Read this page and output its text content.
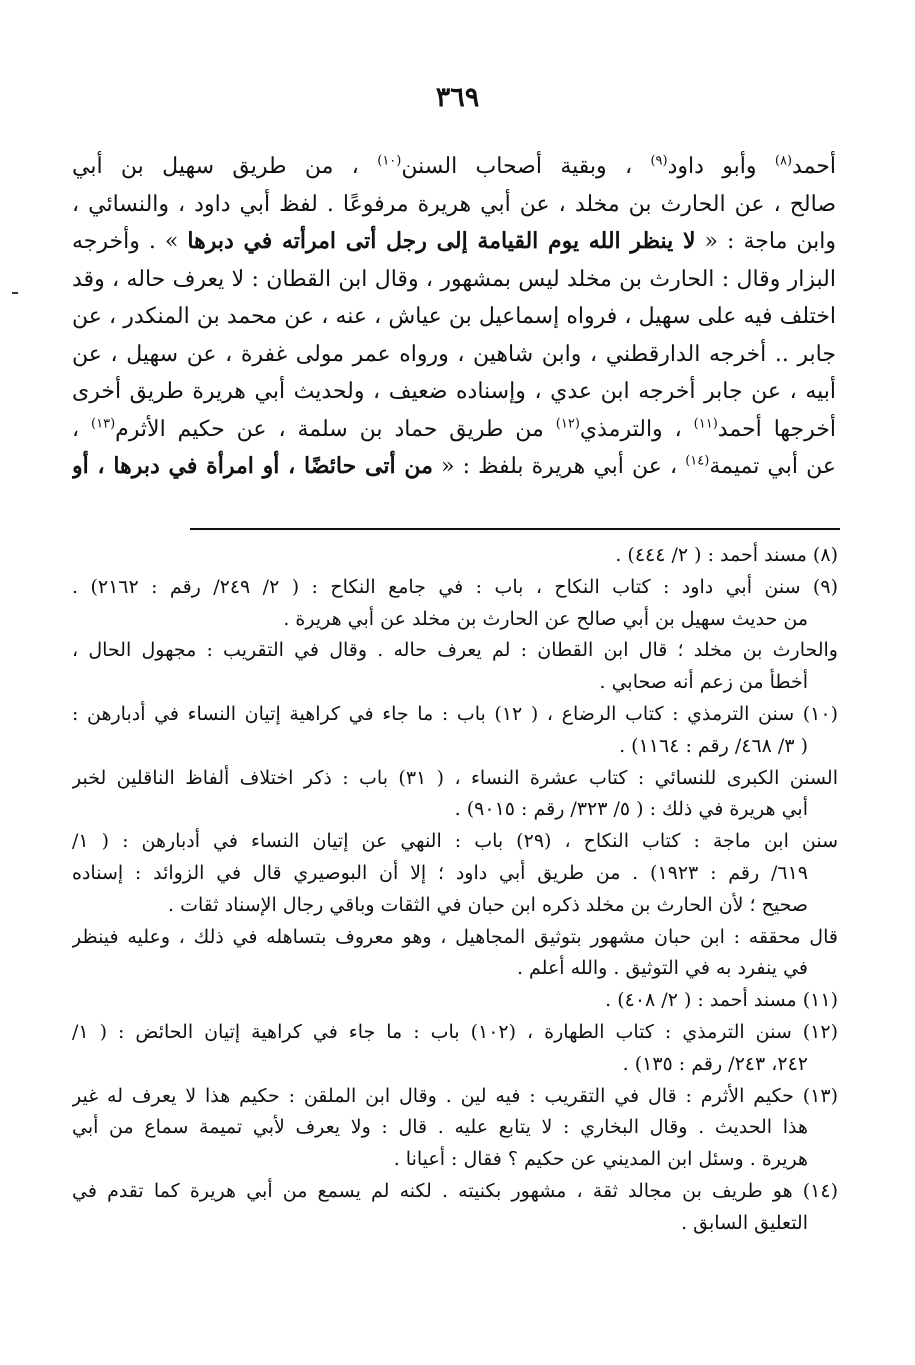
٣٦٩
أحمد$^{(٨)}$ وأبو داود$^{(٩)}$ ، وبقية أصحاب السنن$^{(١٠)}$ ، من طريق سهيل بن أبي
صالح ، عن الحارث بن مخلد ، عن أبي هريرة مرفوعًا . لفظ أبي داود ، والنسائي ،
وابن ماجة : « لا ينظر الله يوم القيامة إلى رجل أتى امرأته في دبرها » . وأخرجه
البزار وقال : الحارث بن مخلد ليس بمشهور ، وقال ابن القطان : لا يعرف حاله ، وقد
اختلف فيه على سهيل ، فرواه إسماعيل بن عياش ، عنه ، عن محمد بن المنكدر ، عن
جابر .. أخرجه الدارقطني ، وابن شاهين ، ورواه عمر مولى غفرة ، عن سهيل ، عن
أبيه ، عن جابر أخرجه ابن عدي ، وإسناده ضعيف ، ولحديث أبي هريرة طريق أخرى
أخرجها أحمد$^{(١١)}$ ، والترمذي$^{(١٢)}$ من طريق حماد بن سلمة ، عن حكيم الأثرم$^{(١٣)}$ ،
عن أبي تميمة$^{(١٤)}$ ، عن أبي هريرة بلفظ : « من أتى حائضًا ، أو امرأة في دبرها ، أو
(٨) مسند أحمد : ( ٢/ ٤٤٤) .
(٩) سنن أبي داود : كتاب النكاح ، باب : في جامع النكاح : ( ٢/ ٢٤٩/ رقم : ٢١٦٢) .
من حديث سهيل بن أبي صالح عن الحارث بن مخلد عن أبي هريرة .
والحارث بن مخلد ؛ قال ابن القطان : لم يعرف حاله . وقال في التقريب : مجهول الحال ،
أخطأ من زعم أنه صحابي .
(١٠) سنن الترمذي : كتاب الرضاع ، ( ١٢) باب : ما جاء في كراهية إتيان النساء في أدبارهن :
( ٣/ ٤٦٨/ رقم : ١١٦٤) .
السنن الكبرى للنسائي : كتاب عشرة النساء ، ( ٣١) باب : ذكر اختلاف ألفاظ الناقلين لخبر
أبي هريرة في ذلك : ( ٥/ ٣٢٣/ رقم : ٩٠١٥) .
سنن ابن ماجة : كتاب النكاح ، (٢٩) باب : النهي عن إتيان النساء في أدبارهن : ( ١/
٦١٩/ رقم : ١٩٢٣) . من طريق أبي داود ؛ إلا أن البوصيري قال في الزوائد : إسناده
صحيح ؛ لأن الحارث بن مخلد ذكره ابن حبان في الثقات وباقي رجال الإسناد ثقات .
قال محققه : ابن حبان مشهور بتوثيق المجاهيل ، وهو معروف بتساهله في ذلك ، وعليه فينظر
في ينفرد به في التوثيق . والله أعلم .
(١١) مسند أحمد : ( ٢/ ٤٠٨) .
(١٢) سنن الترمذي : كتاب الطهارة ، (١٠٢) باب : ما جاء في كراهية إتيان الحائض : ( ١/
٢٤٢، ٢٤٣/ رقم : ١٣٥) .
(١٣) حكيم الأثرم : قال في التقريب : فيه لين . وقال ابن الملقن : حكيم هذا لا يعرف له غير
هذا الحديث . وقال البخاري : لا يتابع عليه . قال : ولا يعرف لأبي تميمة سماع من أبي
هريرة . وسئل ابن المديني عن حكيم ؟ فقال : أعيانا .
(١٤) هو طريف بن مجالد ثقة ، مشهور بكنيته . لكنه لم يسمع من أبي هريرة كما تقدم في
التعليق السابق .
